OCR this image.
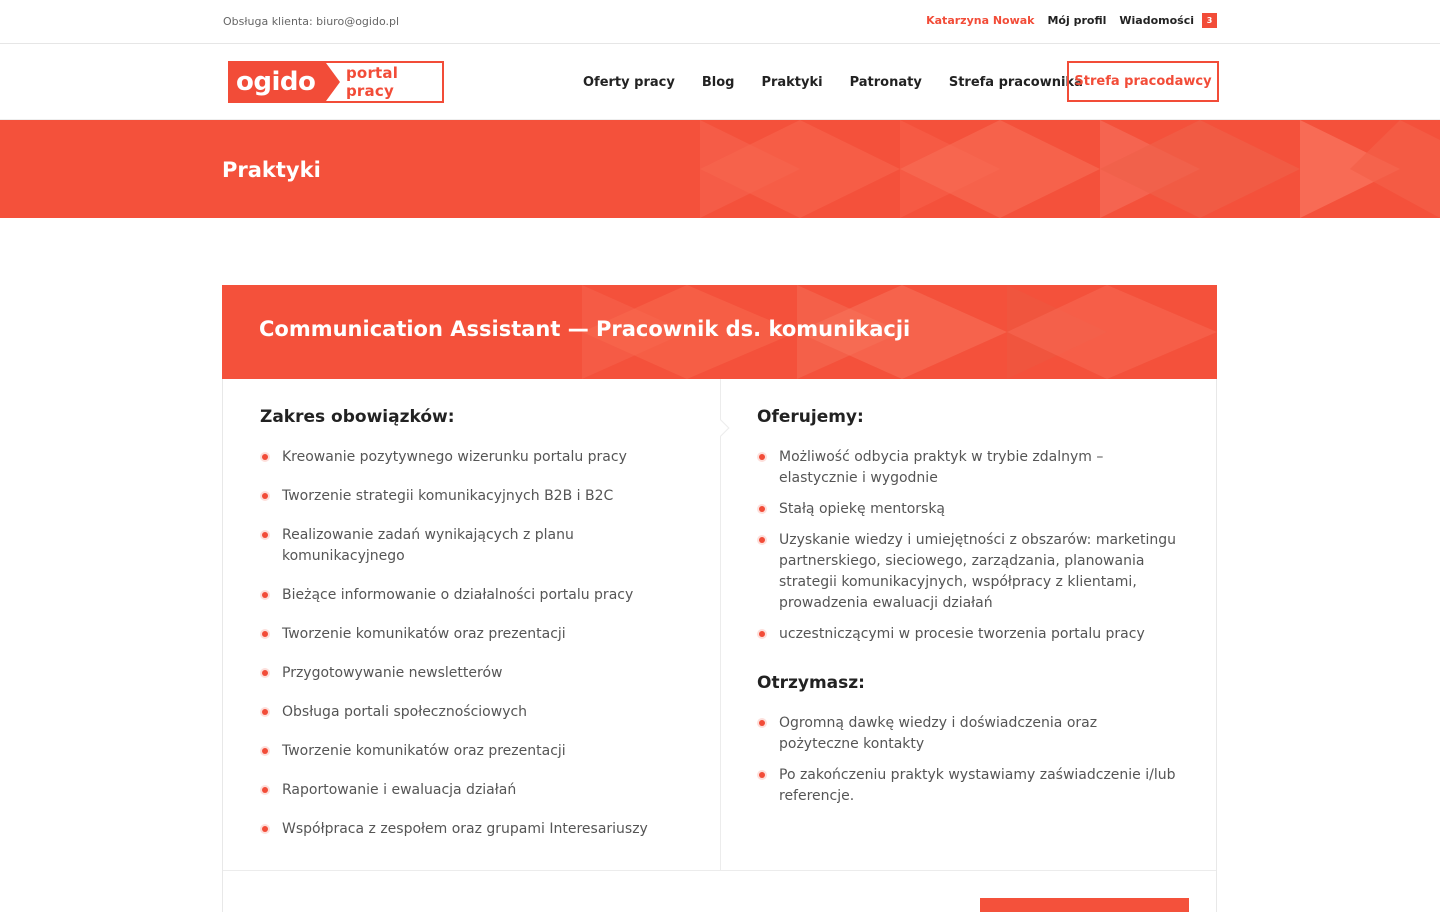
Obsługa klienta: biuro@ogido.pl	Katarzyna Nowak Mój profil Wiadomości	3
ogido	portal pracy	Oferty pracy Blog Praktyki Patronaty Strefa pracownika
Strefa pracodawcy
Praktyki
Communication Assistant — Pracownik ds. komunikacji
Zakres obowiązków:
Kreowanie pozytywnego wizerunku portalu pracy
Tworzenie strategii komunikacyjnych B2B i B2C
Realizowanie zadań wynikających z planu komunikacyjnego
Bieżące informowanie o działalności portalu pracy
Tworzenie komunikatów oraz prezentacji
Przygotowywanie newsletterów
Obsługa portali społecznościowych
Tworzenie komunikatów oraz prezentacji
Raportowanie i ewaluacja działań
Współpraca z zespołem oraz grupami Interesariuszy
Oferujemy:
Możliwość odbycia praktyk w trybie zdalnym – elastycznie i wygodnie
Stałą opiekę mentorską
Uzyskanie wiedzy i umiejętności z obszarów: marketingu partnerskiego, sieciowego, zarządzania, planowania strategii komunikacyjnych, współpracy z klientami, prowadzenia ewaluacji działań
uczestniczącymi w procesie tworzenia portalu pracy
Otrzymasz:
Ogromną dawkę wiedzy i doświadczenia oraz pożyteczne kontakty
Po zakończeniu praktyk wystawiamy zaświadczenie i/lub referencje.
